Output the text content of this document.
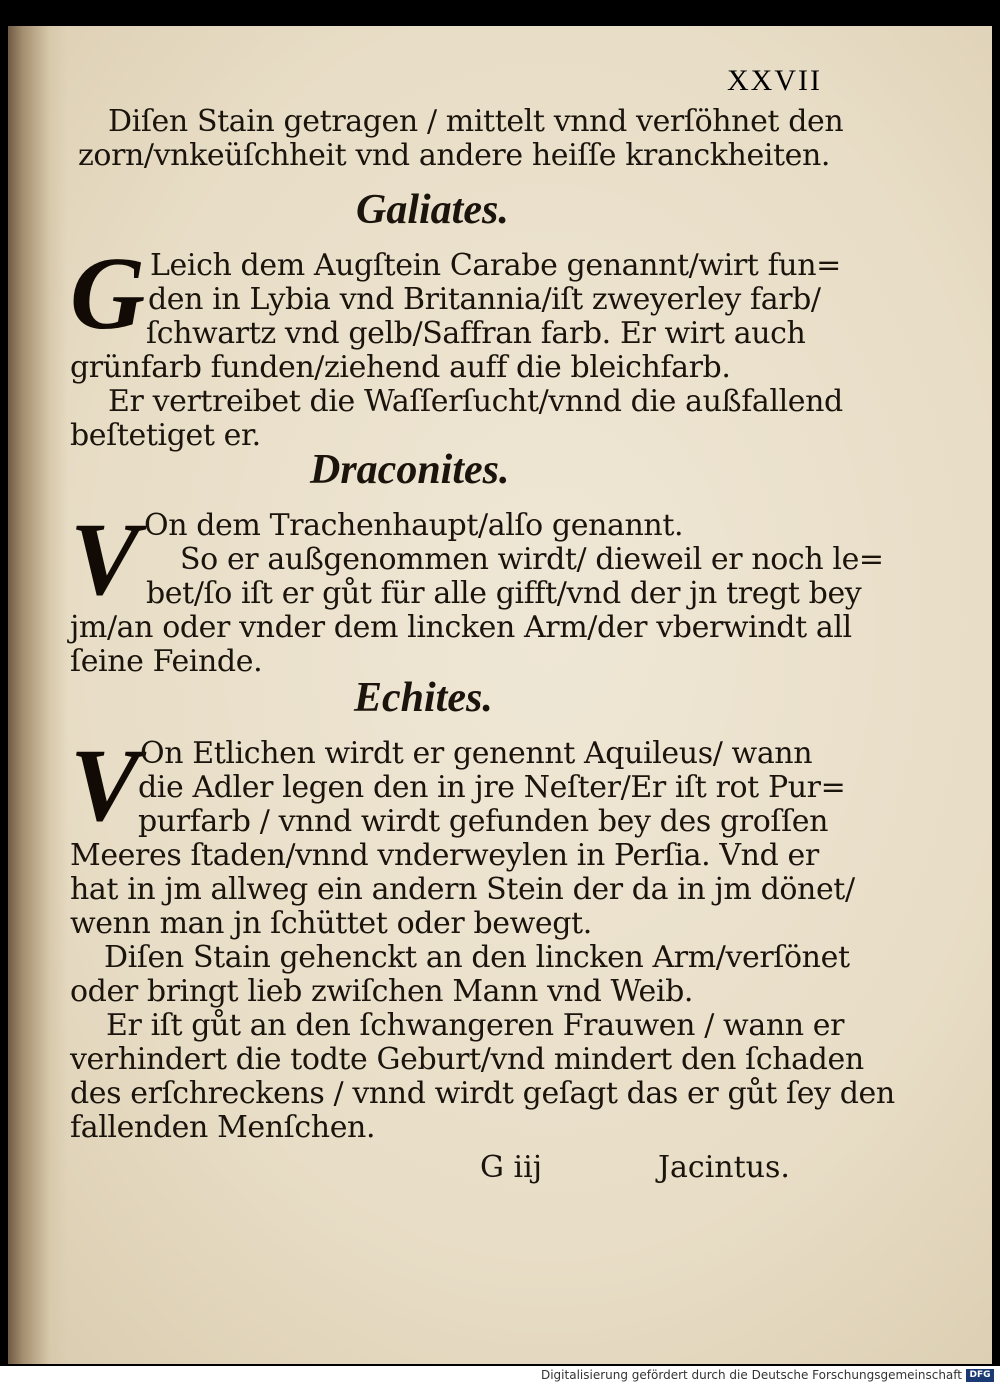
XXVII
Diſen Stain getragen / mittelt vnnd verſöhnet den
zorn/vnkeüſchheit vnd andere heiſſe kranckheiten.
Galiates.
G Leich dem Augſtein Carabe genannt/wirt fun=
den in Lybia vnd Britannia/iſt zweyerley farb/
ſchwartz vnd gelb/Saffran farb. Er wirt auch
grünfarb funden/ziehend auff die bleichfarb.
Er vertreibet die Waſſerſucht/vnnd die außfallend
beſtetiget er.
Draconites.
V On dem Trachenhaupt/alſo genannt.
So er außgenommen wirdt/ dieweil er noch le=
bet/ſo iſt er gůt für alle gifft/vnd der jn tregt bey
jm/an oder vnder dem lincken Arm/der vberwindt all
ſeine Feinde.
Echites.
V On Etlichen wirdt er genennt Aquileus/ wann
die Adler legen den in jre Neſter/Er iſt rot Pur=
purfarb / vnnd wirdt gefunden bey des groſſen
Meeres ſtaden/vnnd vnderweylen in Perſia. Vnd er
hat in jm allweg ein andern Stein der da in jm dönet/
wenn man jn ſchüttet oder bewegt.
Diſen Stain gehenckt an den lincken Arm/verſönet
oder bringt lieb zwiſchen Mann vnd Weib.
Er iſt gůt an den ſchwangeren Frauwen / wann er
verhindert die todte Geburt/vnd mindert den ſchaden
des erſchreckens / vnnd wirdt geſagt das er gůt ſey den
fallenden Menſchen.
G iij	Jacintus.
Digitalisierung gefördert durch die Deutsche Forschungsgemeinschaft DFG
